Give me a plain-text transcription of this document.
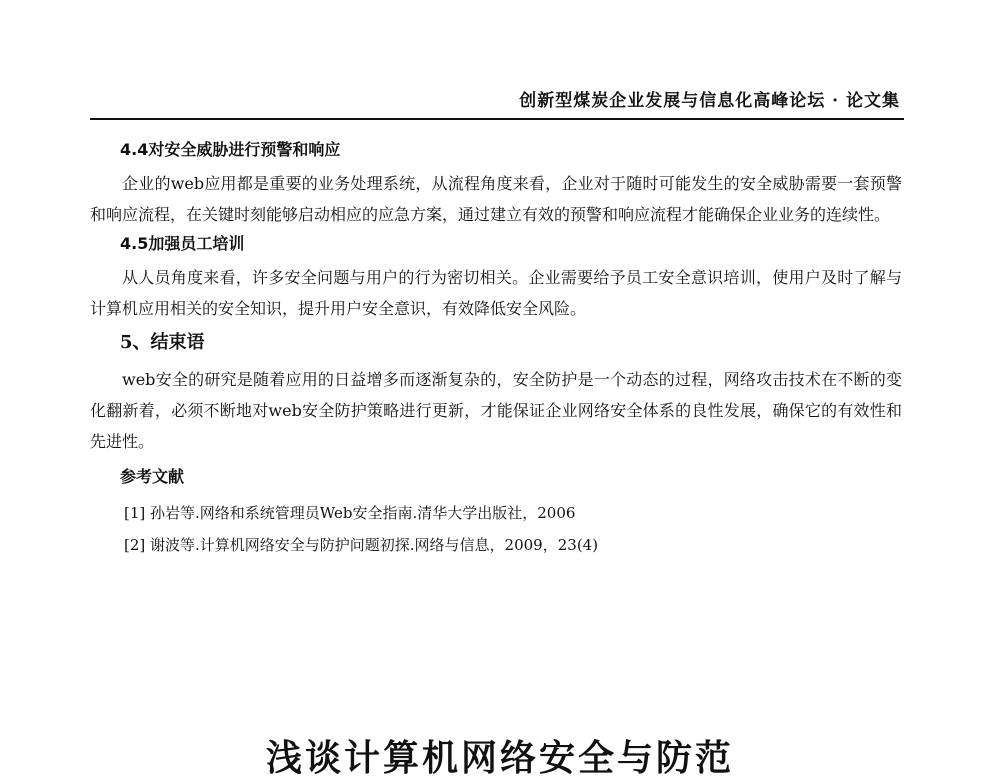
创新型煤炭企业发展与信息化高峰论坛 · 论文集
4.4对安全威胁进行预警和响应

企业的web应用都是重要的业务处理系统，从流程角度来看，企业对于随时可能发生的安全威胁需要一套预警和响应流程，在关键时刻能够启动相应的应急方案，通过建立有效的预警和响应流程才能确保企业业务的连续性。

4.5加强员工培训

从人员角度来看，许多安全问题与用户的行为密切相关。企业需要给予员工安全意识培训，使用户及时了解与计算机应用相关的安全知识，提升用户安全意识，有效降低安全风险。

5、结束语

web安全的研究是随着应用的日益增多而逐渐复杂的，安全防护是一个动态的过程，网络攻击技术在不断的变化翻新着，必须不断地对web安全防护策略进行更新，才能保证企业网络安全体系的良性发展，确保它的有效性和先进性。

参考文献
[1] 孙岩等.网络和系统管理员Web安全指南.清华大学出版社，2006
[2] 谢波等.计算机网络安全与防护问题初探.网络与信息，2009，23(4)
浅谈计算机网络安全与防范
